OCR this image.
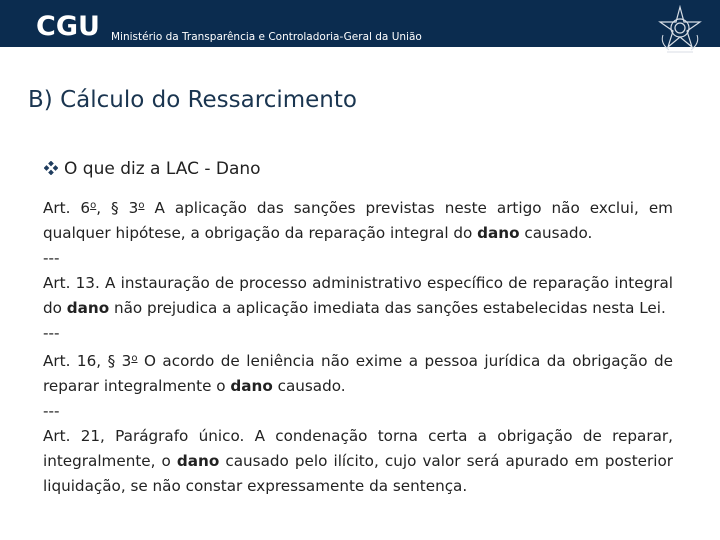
CGU Ministério da Transparência e Controladoria-Geral da União
B) Cálculo do Ressarcimento
O que diz a LAC - Dano

Art. 6$^o$, § 3$^o$ A aplicação das sanções previstas neste artigo não exclui, em qualquer hipótese, a obrigação da reparação integral do dano causado.

---

Art. 13. A instauração de processo administrativo específico de reparação integral do dano não prejudica a aplicação imediata das sanções estabelecidas nesta Lei.

---

Art. 16, § 3$^o$ O acordo de leniência não exime a pessoa jurídica da obrigação de reparar integralmente o dano causado.

---

Art. 21, Parágrafo único. A condenação torna certa a obrigação de reparar, integralmente, o dano causado pelo ilícito, cujo valor será apurado em posterior liquidação, se não constar expressamente da sentença.
